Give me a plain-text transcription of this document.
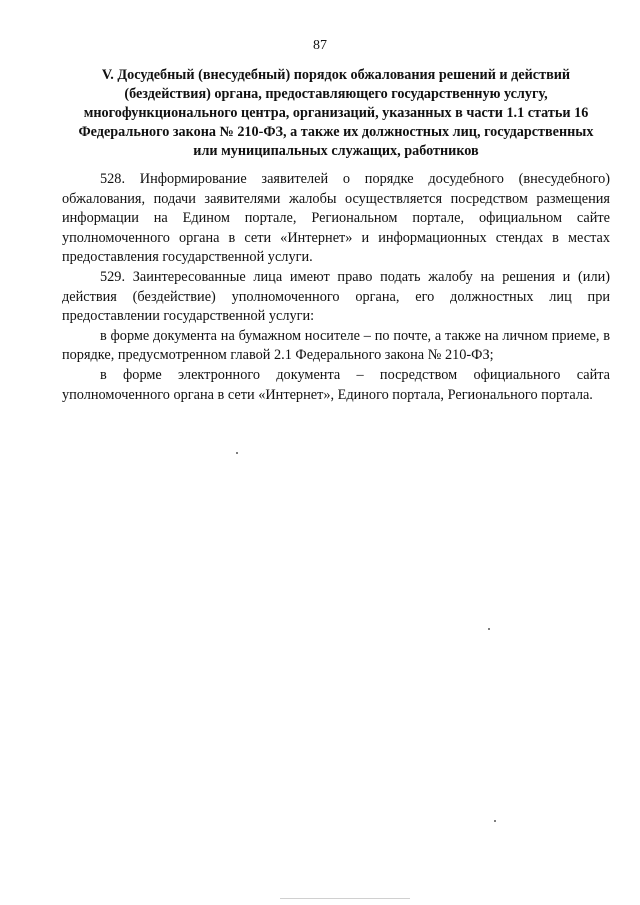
87
V. Досудебный (внесудебный) порядок обжалования решений и действий
(бездействия) органа, предоставляющего государственную услугу,
многофункционального центра, организаций, указанных в части 1.1 статьи 16
Федерального закона № 210-ФЗ, а также их должностных лиц, государственных
или муниципальных служащих, работников

528. Информирование заявителей о порядке досудебного (внесудебного) обжалования, подачи заявителями жалобы осуществляется посредством размещения информации на Едином портале, Региональном портале, официальном сайте уполномоченного органа в сети «Интернет» и информационных стендах в местах предоставления государственной услуги.

529. Заинтересованные лица имеют право подать жалобу на решения и (или) действия (бездействие) уполномоченного органа, его должностных лиц при предоставлении государственной услуги:

в форме документа на бумажном носителе – по почте, а также на личном приеме, в порядке, предусмотренном главой 2.1 Федерального закона № 210-ФЗ;

в форме электронного документа – посредством официального сайта уполномоченного органа в сети «Интернет», Единого портала, Регионального портала.
